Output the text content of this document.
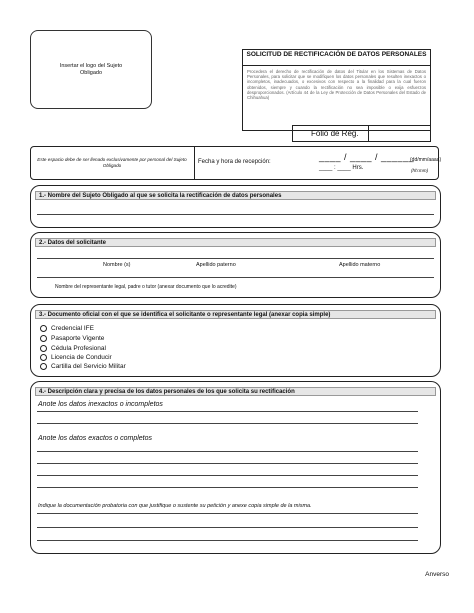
Insertar el logo del Sujeto Obligado
SOLICITUD DE RECTIFICACIÓN DE DATOS PERSONALES
Procedera el derecho de rectificación de datos del Titular en los Sistemas de Datos Personales, para solicitar que se modifiquen los datos personales que resulten inexactos o incompletos, inadecuados, o excesivos con respecto a la finalidad para la cual fueron obtenidos, siempre y cuando la rectificación no sea imposible o exija esfuerzos desproporcionados. (Artículo 44 de la Ley de Protección de Datos Personales del Estado de Chihuahua)
Folio de Reg.
Este espacio debe de ser llenado exclusivamente por personal del Sujeto Obligado
Fecha y hora de recepción:	____ / ____ / ______
(dd/mm/aaaa)
____ : ____ Hrs.	(hh:mm)
1.- Nombre del Sujeto Obligado al que se solicita la rectificación de datos personales
2.- Datos del solicitante
Nombre (s)	Apellido paterno	Apellido materno
Nombre del representante legal, padre o tutor (anexar documento que lo acredite)
3.- Documento oficial con el que se identifica el solicitante o representante legal (anexar copia simple)
Credencial IFE
Pasaporte Vigente
Cédula Profesional
Licencia de Conducir
Cartilla del Servicio Militar
4.- Descripción clara y precisa de los datos personales de los que solicita su rectificación
Anote los datos inexactos o incompletos
Anote los datos exactos o completos
Indique la documentación probatoria con que justifique o sustente su petición y anexe copia simple de la misma.
Anverso
